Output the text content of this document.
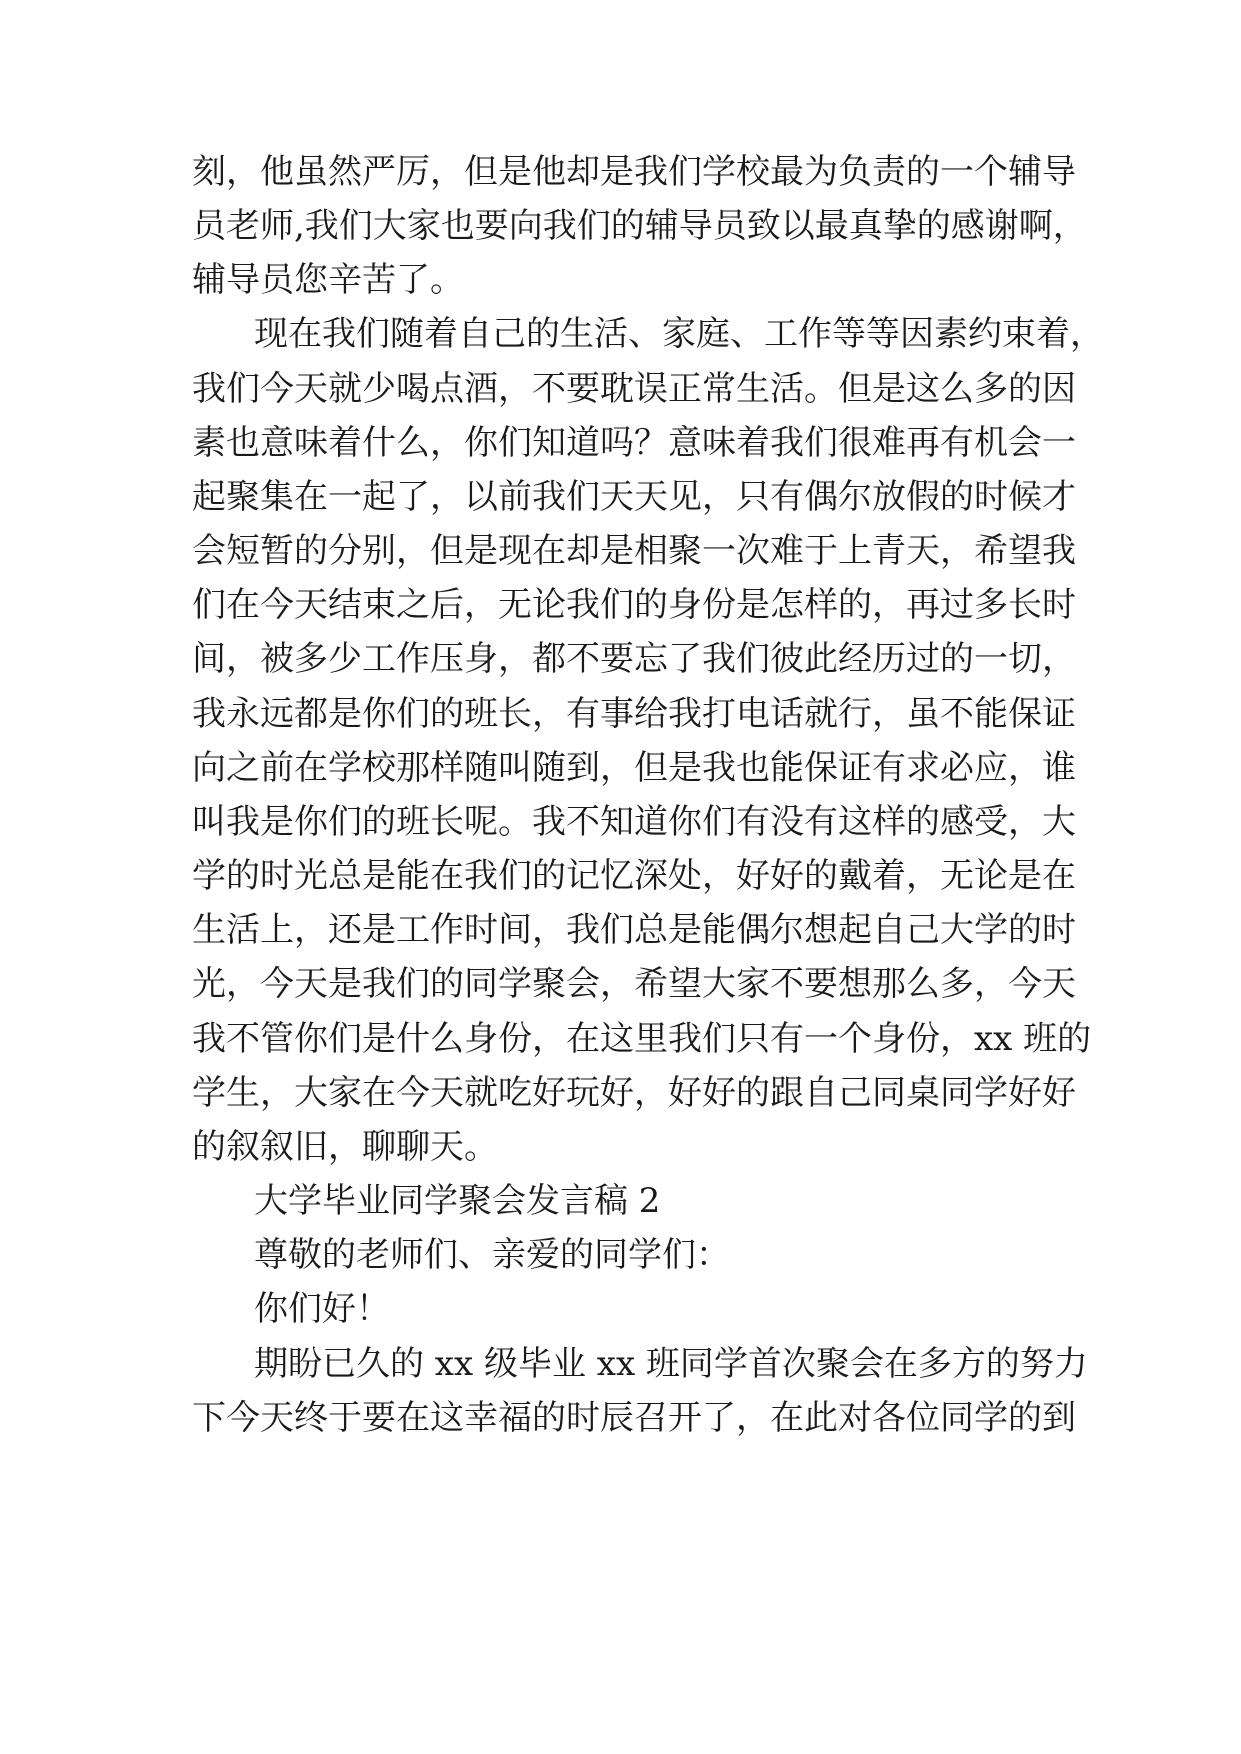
刻，他虽然严厉，但是他却是我们学校最为负责的一个辅导
员老师,我们大家也要向我们的辅导员致以最真挚的感谢啊，
辅导员您辛苦了。
现在我们随着自己的生活、家庭、工作等等因素约束着，
我们今天就少喝点酒，不要耽误正常生活。但是这么多的因
素也意味着什么，你们知道吗？意味着我们很难再有机会一
起聚集在一起了，以前我们天天见，只有偶尔放假的时候才
会短暂的分别，但是现在却是相聚一次难于上青天，希望我
们在今天结束之后，无论我们的身份是怎样的，再过多长时
间，被多少工作压身，都不要忘了我们彼此经历过的一切，
我永远都是你们的班长，有事给我打电话就行，虽不能保证
向之前在学校那样随叫随到，但是我也能保证有求必应，谁
叫我是你们的班长呢。我不知道你们有没有这样的感受，大
学的时光总是能在我们的记忆深处，好好的戴着，无论是在
生活上，还是工作时间，我们总是能偶尔想起自己大学的时
光，今天是我们的同学聚会，希望大家不要想那么多，今天
我不管你们是什么身份，在这里我们只有一个身份，xx 班的
学生，大家在今天就吃好玩好，好好的跟自己同桌同学好好
的叙叙旧，聊聊天。
大学毕业同学聚会发言稿 2
尊敬的老师们、亲爱的同学们：
你们好！
期盼已久的 xx 级毕业 xx 班同学首次聚会在多方的努力
下今天终于要在这幸福的时辰召开了，在此对各位同学的到
